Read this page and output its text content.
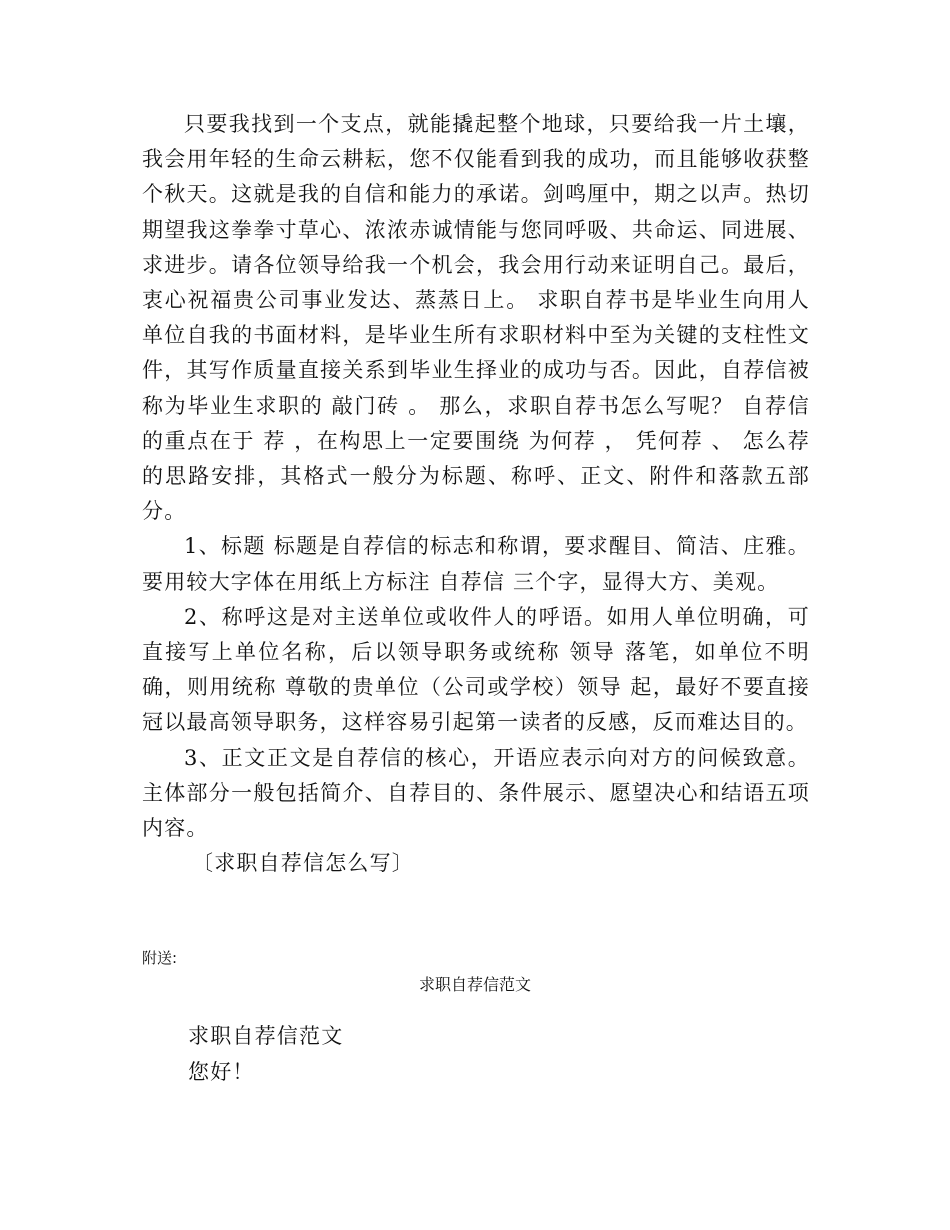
只要我找到一个支点，就能撬起整个地球，只要给我一片土壤，我会用年轻的生命云耕耘，您不仅能看到我的成功，而且能够收获整个秋天。这就是我的自信和能力的承诺。剑鸣厘中，期之以声。热切期望我这拳拳寸草心、浓浓赤诚情能与您同呼吸、共命运、同进展、求进步。请各位领导给我一个机会，我会用行动来证明自己。最后，衷心祝福贵公司事业发达、蒸蒸日上。 求职自荐书是毕业生向用人单位自我的书面材料，是毕业生所有求职材料中至为关键的支柱性文件，其写作质量直接关系到毕业生择业的成功与否。因此，自荐信被称为毕业生求职的 敲门砖 。 那么，求职自荐书怎么写呢？ 自荐信的重点在于 荐 ，在构思上一定要围绕 为何荐 ， 凭何荐 、 怎么荐 的思路安排，其格式一般分为标题、称呼、正文、附件和落款五部分。

1、标题 标题是自荐信的标志和称谓，要求醒目、简洁、庄雅。要用较大字体在用纸上方标注 自荐信 三个字，显得大方、美观。

2、称呼这是对主送单位或收件人的呼语。如用人单位明确，可直接写上单位名称，后以领导职务或统称 领导 落笔，如单位不明确，则用统称 尊敬的贵单位（公司或学校）领导 起，最好不要直接冠以最高领导职务，这样容易引起第一读者的反感，反而难达目的。

3、正文正文是自荐信的核心，开语应表示向对方的问候致意。主体部分一般包括简介、自荐目的、条件展示、愿望决心和结语五项内容。

〔求职自荐信怎么写〕

附送:
求职自荐信范文
求职自荐信范文
您好！
